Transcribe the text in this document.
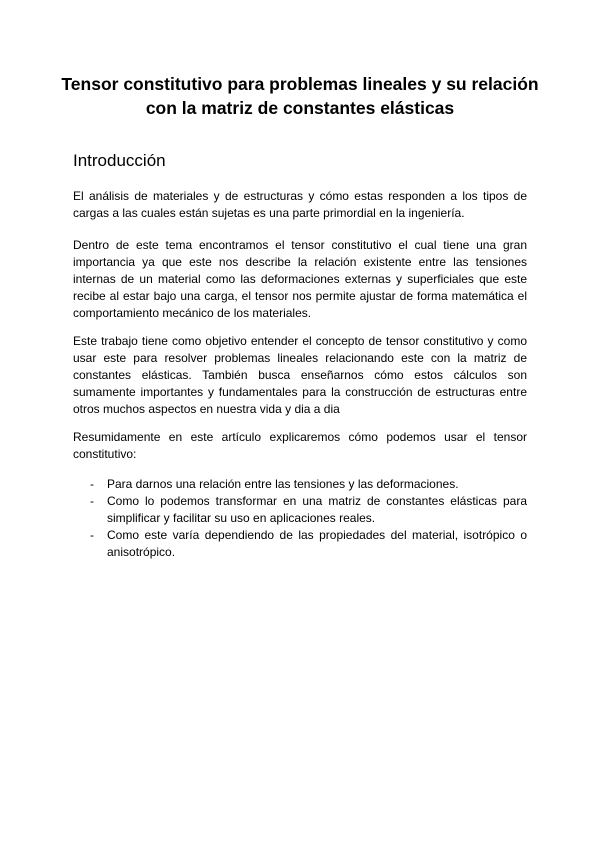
Tensor constitutivo para problemas lineales y su relación con la matriz de constantes elásticas
Introducción

El análisis de materiales y de estructuras y cómo estas responden a los tipos de cargas a las cuales están sujetas es una parte primordial en la ingeniería.

Dentro de este tema encontramos el tensor constitutivo el cual tiene una gran importancia ya que este nos describe la relación existente entre las tensiones internas de un material como las deformaciones externas y superficiales que este recibe al estar bajo una carga, el tensor nos permite ajustar de forma matemática el comportamiento mecánico de los materiales.

Este trabajo tiene como objetivo entender el concepto de tensor constitutivo y como usar este para resolver problemas lineales relacionando este con la matriz de constantes elásticas. También busca enseñarnos cómo estos cálculos son sumamente importantes y fundamentales para la construcción de estructuras entre otros muchos aspectos en nuestra vida y dia a dia

Resumidamente en este artículo explicaremos cómo podemos usar el tensor constitutivo:

- Para darnos una relación entre las tensiones y las deformaciones.
- Como lo podemos transformar en una matriz de constantes elásticas para simplificar y facilitar su uso en aplicaciones reales.
- Como este varía dependiendo de las propiedades del material, isotrópico o anisotrópico.
